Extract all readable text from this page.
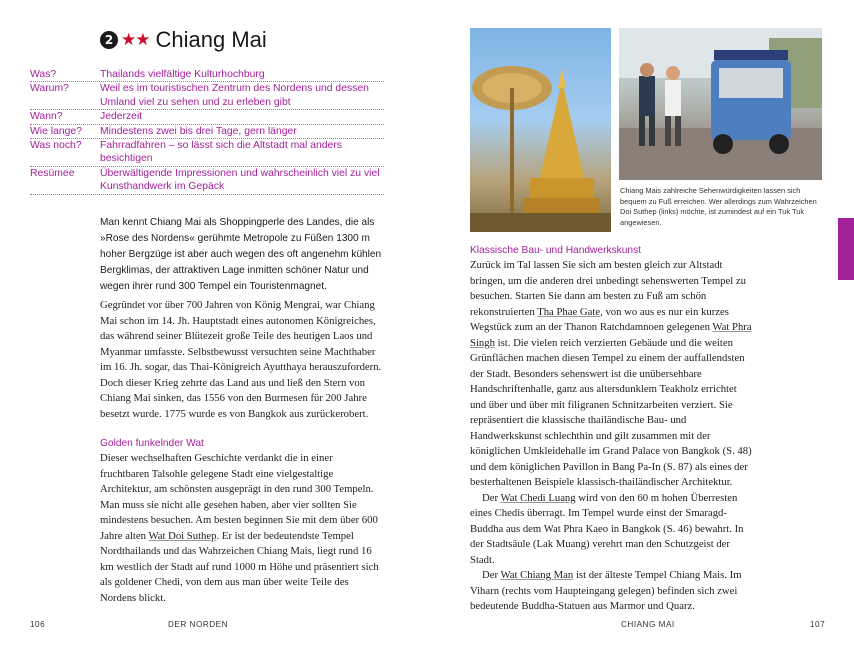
2 ★★ Chiang Mai
Was?	Thailands vielfältige Kulturhochburg
Warum?	Weil es im touristischen Zentrum des Nordens und dessen Umland viel zu sehen und zu erleben gibt
Wann?	Jederzeit
Wie lange?	Mindestens zwei bis drei Tage, gern länger
Was noch?	Fahrradfahren – so lässt sich die Altstadt mal anders besichtigen
Resümee	Überwältigende Impressionen und wahrscheinlich viel zu viel Kunsthandwerk im Gepäck

Man kennt Chiang Mai als Shoppingperle des Landes, die als »Rose des Nordens« gerühmte Metropole zu Füßen 1300 m hoher Bergzüge ist aber auch wegen des oft angenehm kühlen Bergklimas, der attraktiven Lage inmitten schöner Natur und wegen ihrer rund 300 Tempel ein Touristenmagnet.

Gegründet vor über 700 Jahren von König Mengrai, war Chiang Mai schon im 14. Jh. Hauptstadt eines autonomen Königreiches, das während seiner Blütezeit große Teile des heutigen Laos und Myanmar umfasste. Selbstbewusst versuchten seine Machthaber im 16. Jh. sogar, das Thai-Königreich Ayutthaya herauszufordern. Doch dieser Krieg zehrte das Land aus und ließ den Stern von Chiang Mai sinken, das 1556 von den Burmesen für 200 Jahre besetzt wurde. 1775 wurde es von Bangkok aus zurückerobert.

Golden funkelnder Wat

Dieser wechselhaften Geschichte verdankt die in einer fruchtbaren Talsohle gelegene Stadt eine vielgestaltige Architektur, am schönsten ausgeprägt in den rund 300 Tempeln. Man muss sie nicht alle gesehen haben, aber vier sollten Sie mindestens besuchen. Am besten beginnen Sie mit dem über 600 Jahre alten Wat Doi Suthep. Er ist der bedeutendste Tempel Nordthailands und das Wahrzeichen Chiang Mais, liegt rund 16 km westlich der Stadt auf rund 1000 m Höhe und präsentiert sich als goldener Chedi, von dem aus man über weite Teile des Nordens blickt.

Chiang Mais zahlreiche Sehenwürdigkeiten lassen sich bequem zu Fuß erreichen. Wer allerdings zum Wahrzeichen Doi Suthep (links) möchte, ist zumindest auf ein Tuk Tuk angewiesen.

Klassische Bau- und Handwerkskunst

Zurück im Tal lassen Sie sich am besten gleich zur Altstadt bringen, um die anderen drei unbedingt sehenswerten Tempel zu besuchen. Starten Sie dann am besten zu Fuß am schön rekonstruierten Tha Phae Gate, von wo aus es nur ein kurzes Wegstück zum an der Thanon Ratchdamnoen gelegenen Wat Phra Singh ist. Die vielen reich verzierten Gebäude und die weiten Grünflächen machen diesen Tempel zu einem der auffallendsten der Stadt. Besonders sehenswert ist die unübersehbare Handschriftenhalle, ganz aus altersdunklem Teakholz errichtet und über und über mit filigranen Schnitzarbeiten verziert. Sie repräsentiert die klassische thailändische Bau- und Handwerkskunst schlechthin und gilt zusammen mit der königlichen Umkleidehalle im Grand Palace von Bangkok (S. 48) und dem königlichen Pavillon in Bang Pa-In (S. 87) als eines der besterhaltenen Beispiele klassisch-thailändischer Architektur.

Der Wat Chedi Luang wird von den 60 m hohen Überresten eines Chedis überragt. Im Tempel wurde einst der Smaragd-Buddha aus dem Wat Phra Kaeo in Bangkok (S. 46) bewahrt. In der Stadtsäule (Lak Muang) verehrt man den Schutzgeist der Stadt.

Der Wat Chiang Man ist der älteste Tempel Chiang Mais. Im Viharn (rechts vom Haupteingang gelegen) befinden sich zwei bedeutende Buddha-Statuen aus Marmor und Quarz.

106	DER NORDEN	CHIANG MAI	107
